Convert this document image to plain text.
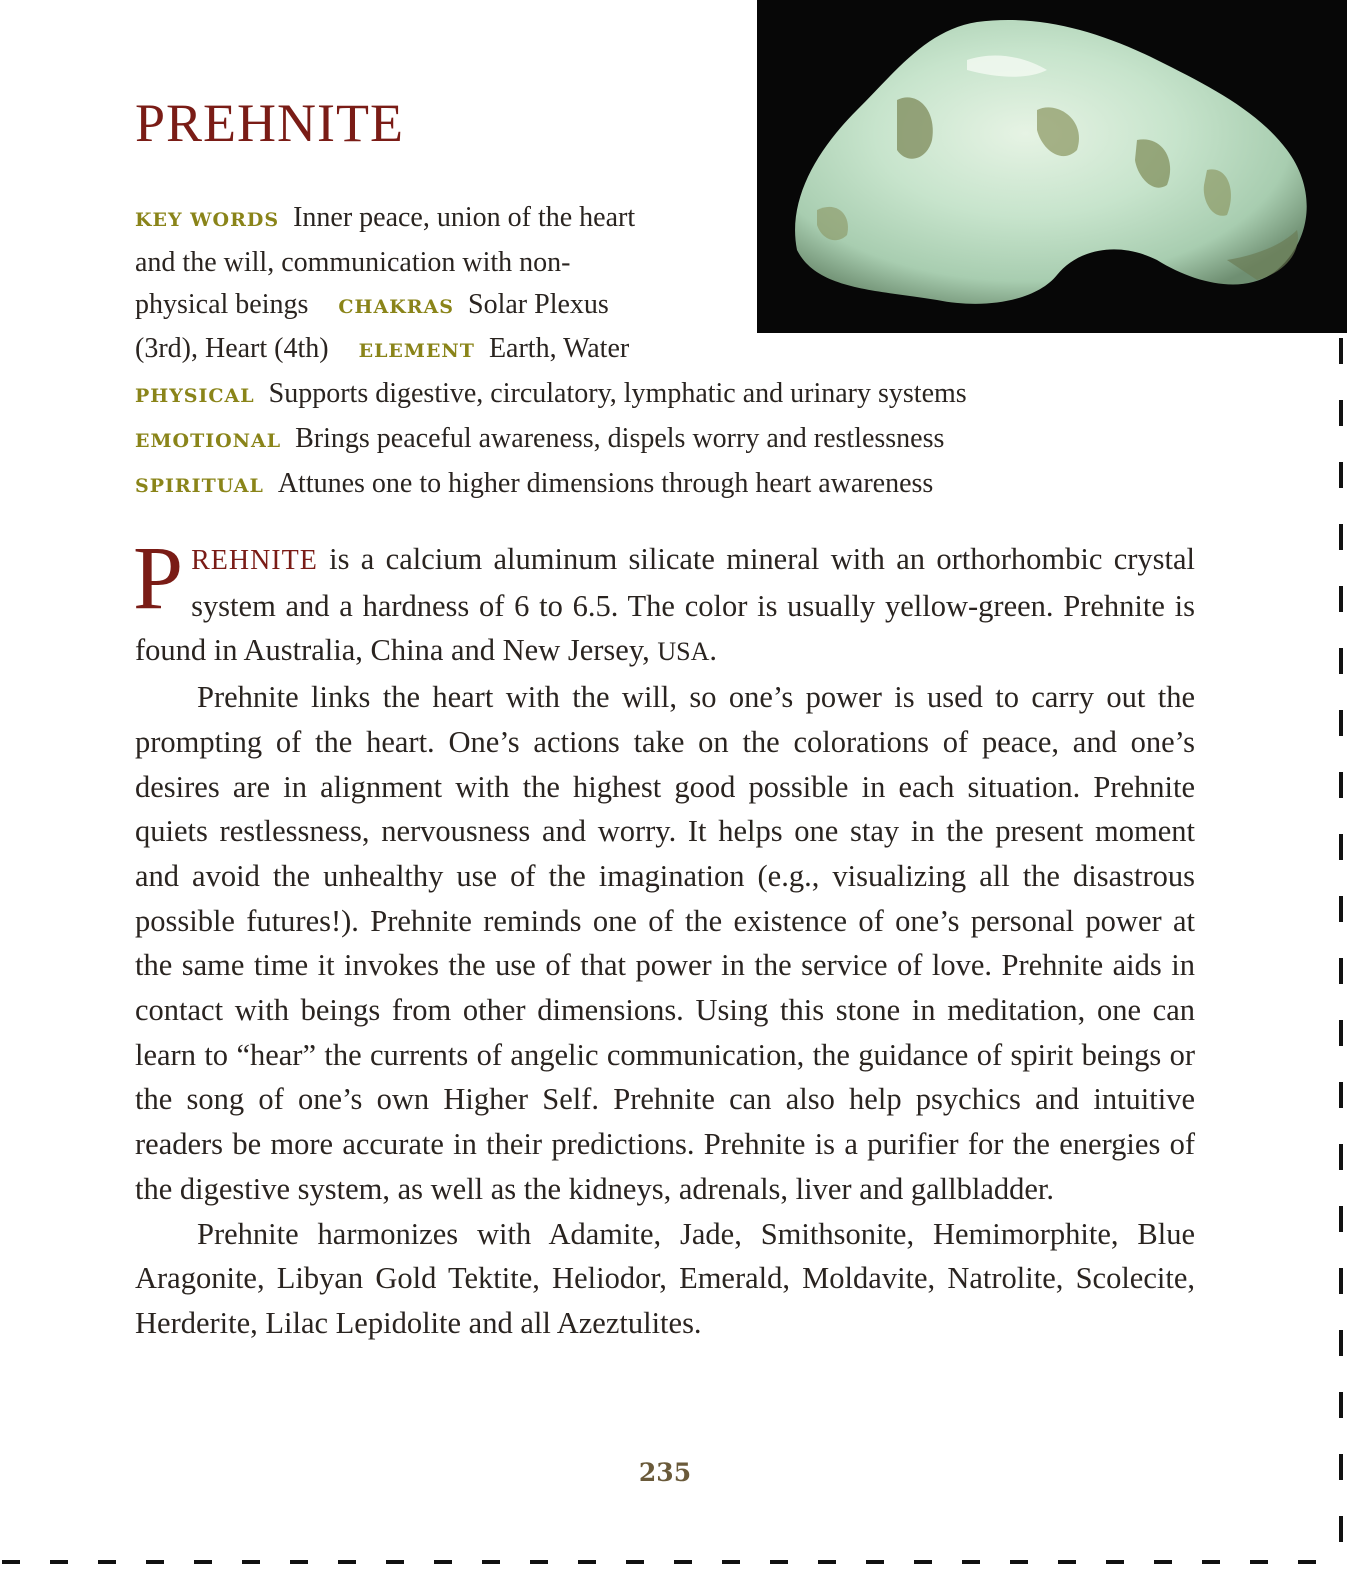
PREHNITE
KEY WORDS Inner peace, union of the heart
and the will, communication with non-
physical beings CHAKRAS Solar Plexus
(3rd), Heart (4th) ELEMENT Earth, Water
PHYSICAL Supports digestive, circulatory, lymphatic and urinary systems
EMOTIONAL Brings peaceful awareness, dispels worry and restlessness
SPIRITUAL Attunes one to higher dimensions through heart awareness

PREHNITE is a calcium aluminum silicate mineral with an orthorhombic crystal system and a hardness of 6 to 6.5. The color is usually yellow-green. Prehnite is found in Australia, China and New Jersey, USA.

Prehnite links the heart with the will, so one’s power is used to carry out the prompting of the heart. One’s actions take on the colorations of peace, and one’s desires are in alignment with the highest good possible in each situation. Prehnite quiets restlessness, nervousness and worry. It helps one stay in the present moment and avoid the unhealthy use of the imagination (e.g., visualizing all the disastrous possible futures!). Prehnite reminds one of the existence of one’s personal power at the same time it invokes the use of that power in the service of love. Prehnite aids in contact with beings from other dimensions. Using this stone in meditation, one can learn to “hear” the currents of angelic communication, the guidance of spirit beings or the song of one’s own Higher Self. Prehnite can also help psychics and intuitive readers be more accurate in their predictions. Prehnite is a purifier for the energies of the digestive system, as well as the kidneys, adrenals, liver and gallbladder.

Prehnite harmonizes with Adamite, Jade, Smithsonite, Hemimorphite, Blue Aragonite, Libyan Gold Tektite, Heliodor, Emerald, Moldavite, Natrolite, Scolecite, Herderite, Lilac Lepidolite and all Azeztulites.

235
